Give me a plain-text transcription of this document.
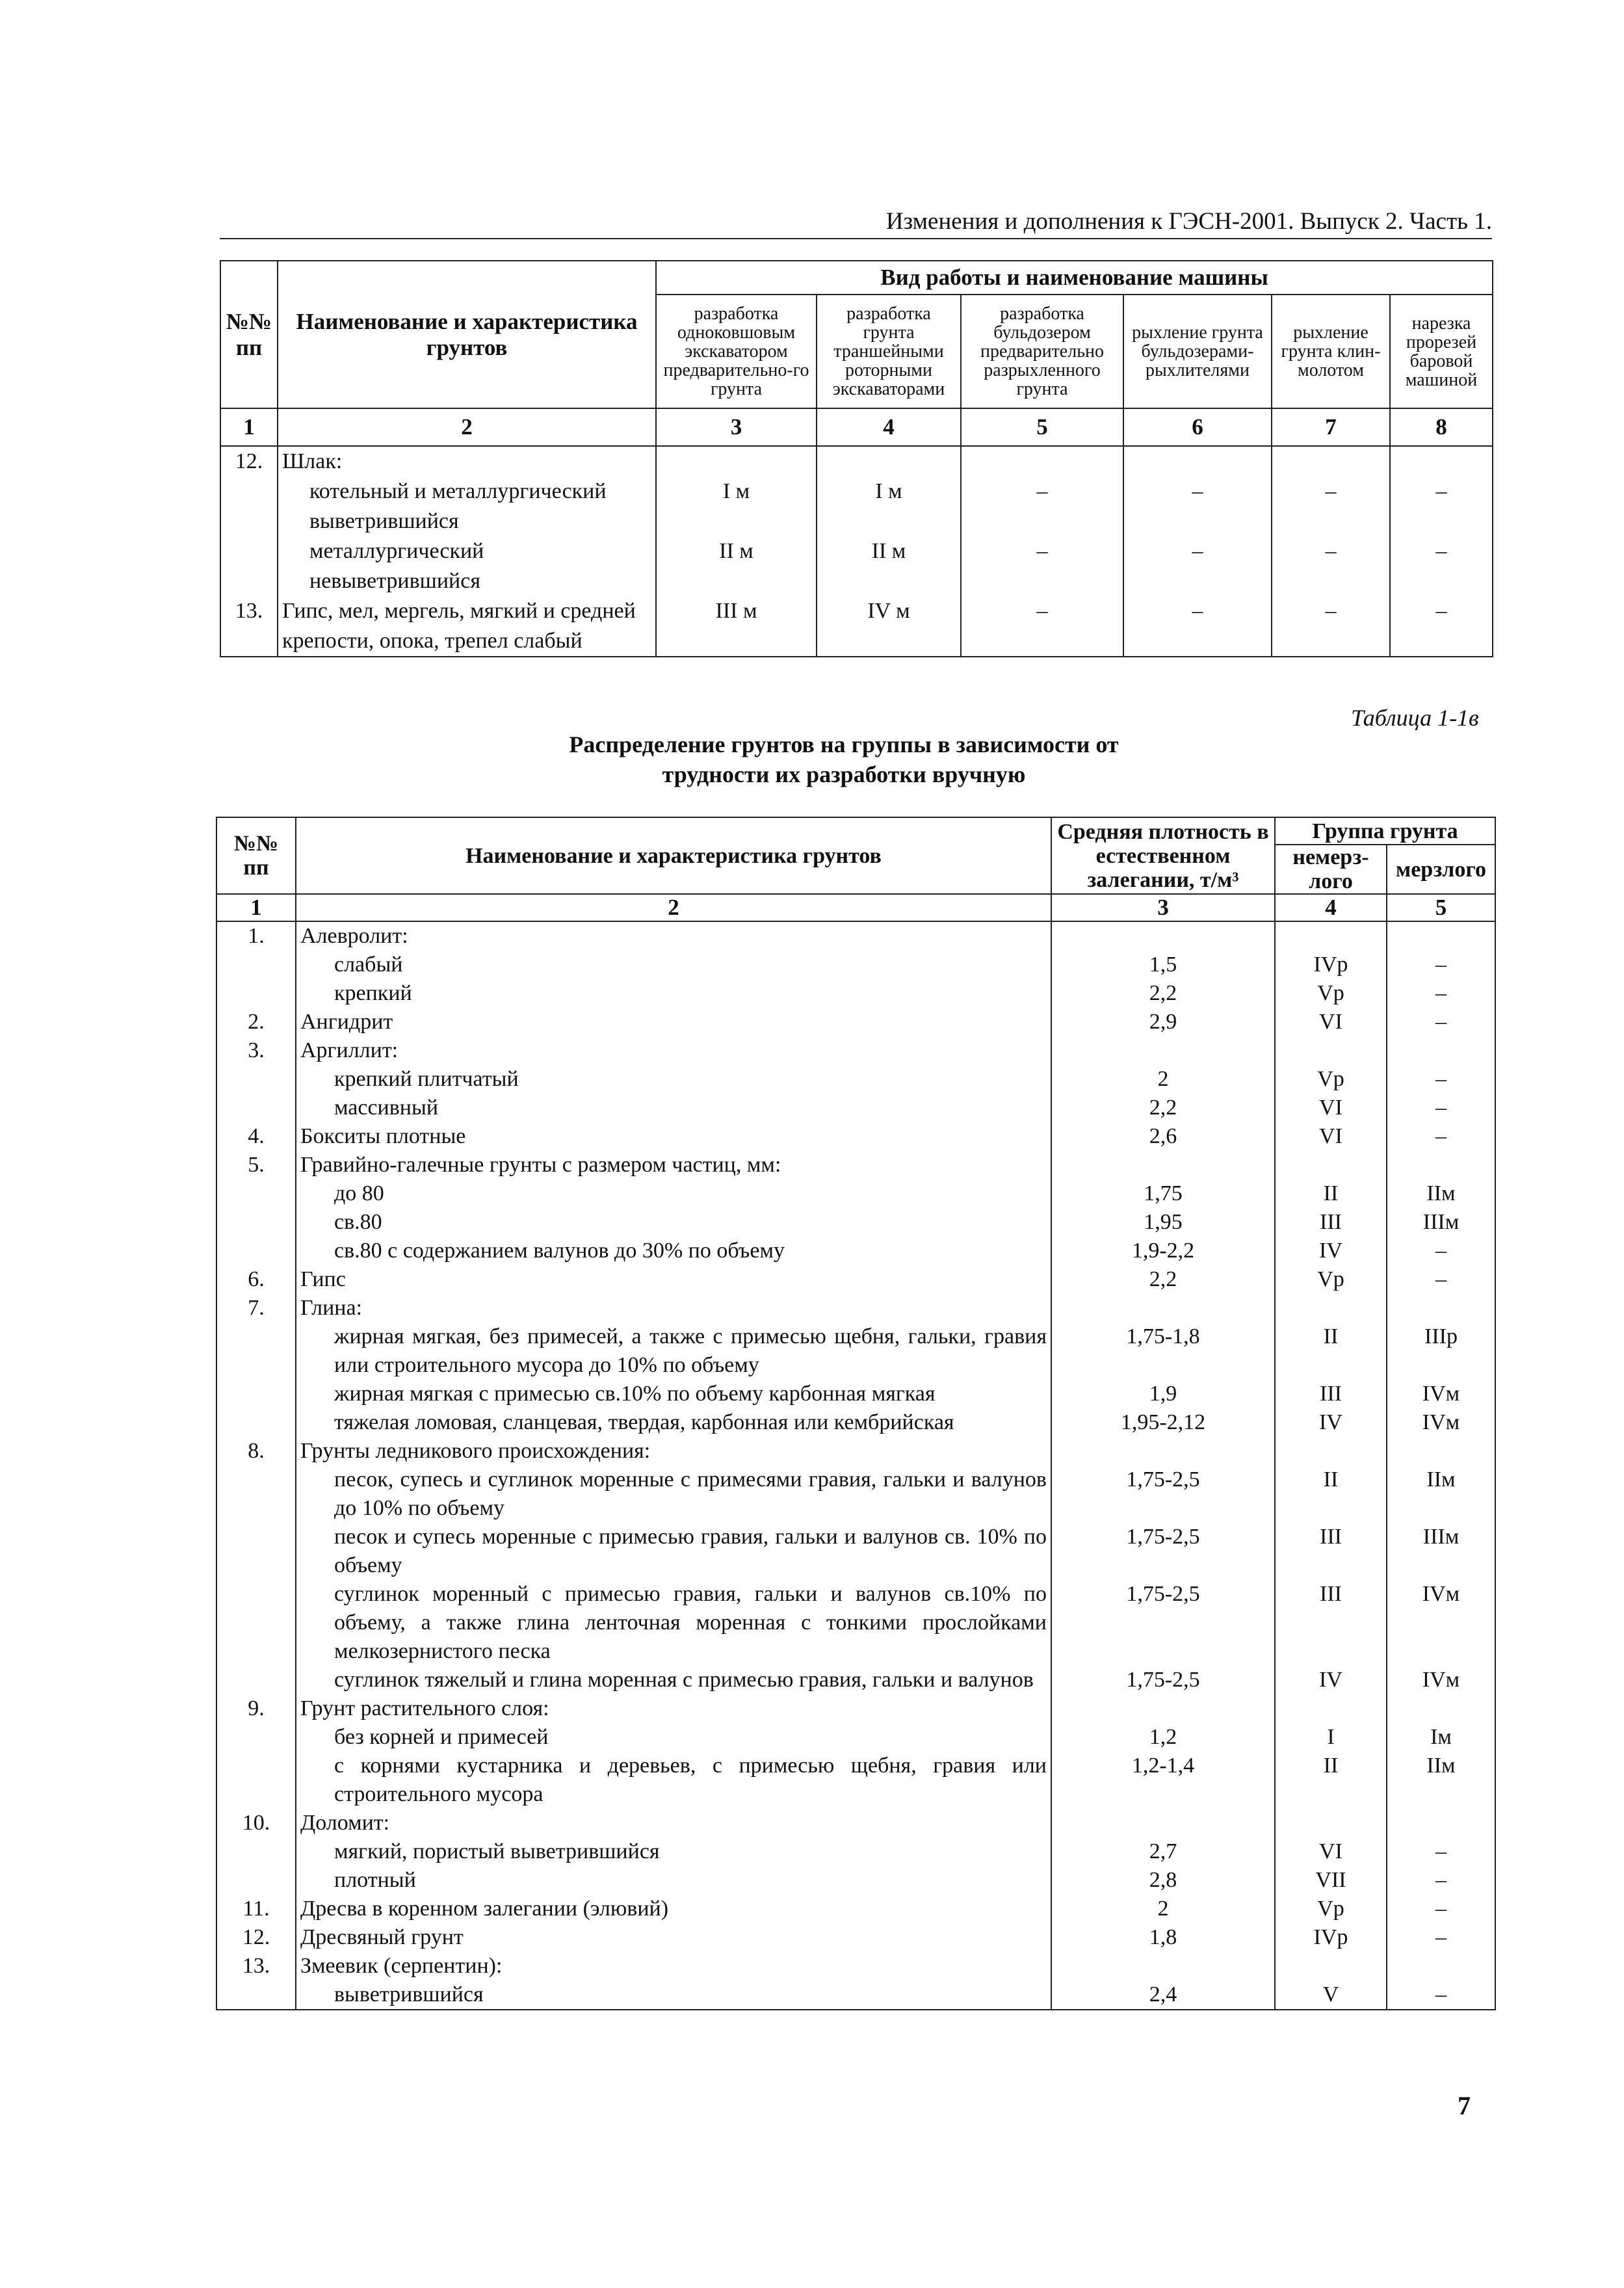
Изменения и дополнения к ГЭСН-2001. Выпуск 2. Часть 1.
№№ пп	Наименование и характеристика грунтов	Вид работы и наименование машины					
		разработка одноковшовым экскаватором предварительно-го грунта	разработка грунта траншейными роторными экскаваторами	разработка бульдозером предварительно разрыхленного грунта	рыхление грунта бульдозерами-рыхлителями	рыхление грунта клин-молотом	нарезка прорезей баровой машиной
1	2	3	4	5	6	7	8
12.	Шлак:						
	котельный и металлургический выветрившийся	I м	I м	–	–	–	–
	металлургический невыветрившийся	II м	II м	–	–	–	–
13.	Гипс, мел, мергель, мягкий и средней крепости, опока, трепел слабый	III м	IV м	–	–	–	–
Таблица 1-1в
Распределение грунтов на группы в зависимости от трудности их разработки вручную
№№ пп	Наименование и характеристика грунтов	Средняя плотность в естественном залегании, т/м³	Группа грунта	
			немерз-лого	мерзлого
1	2	3	4	5
1.	Алевролит:			
	слабый	1,5	IVр	–
	крепкий	2,2	Vр	–
2.	Ангидрит	2,9	VI	–
3.	Аргиллит:			
	крепкий плитчатый	2	Vр	–
	массивный	2,2	VI	–
4.	Бокситы плотные	2,6	VI	–
5.	Гравийно-галечные грунты с размером частиц, мм:			
	до 80	1,75	II	IIм
	св.80	1,95	III	IIIм
	св.80 с содержанием валунов до 30% по объему	1,9-2,2	IV	–
6.	Гипс	2,2	Vр	–
7.	Глина:			
	жирная мягкая, без примесей, а также с примесью щебня, гальки, гравия или строительного мусора до 10% по объему	1,75-1,8	II	IIIр
	жирная мягкая с примесью св.10% по объему карбонная мягкая	1,9	III	IVм
	тяжелая ломовая, сланцевая, твердая, карбонная или кембрийская	1,95-2,12	IV	IVм
8.	Грунты ледникового происхождения:			
	песок, супесь и суглинок моренные с примесями гравия, гальки и валунов до 10% по объему	1,75-2,5	II	IIм
	песок и супесь моренные с примесью гравия, гальки и валунов св. 10% по объему	1,75-2,5	III	IIIм
	суглинок моренный с примесью гравия, гальки и валунов св.10% по объему, а также глина ленточная моренная с тонкими прослойками мелкозернистого песка	1,75-2,5	III	IVм
	суглинок тяжелый и глина моренная с примесью гравия, гальки и валунов	1,75-2,5	IV	IVм
9.	Грунт растительного слоя:			
	без корней и примесей	1,2	I	Iм
	с корнями кустарника и деревьев, с примесью щебня, гравия или строительного мусора	1,2-1,4	II	IIм
10.	Доломит:			
	мягкий, пористый выветрившийся	2,7	VI	–
	плотный	2,8	VII	–
11.	Дресва в коренном залегании (элювий)	2	Vр	–
12.	Дресвяный грунт	1,8	IVр	–
13.	Змеевик (серпентин):			
	выветрившийся	2,4	V	–
7
